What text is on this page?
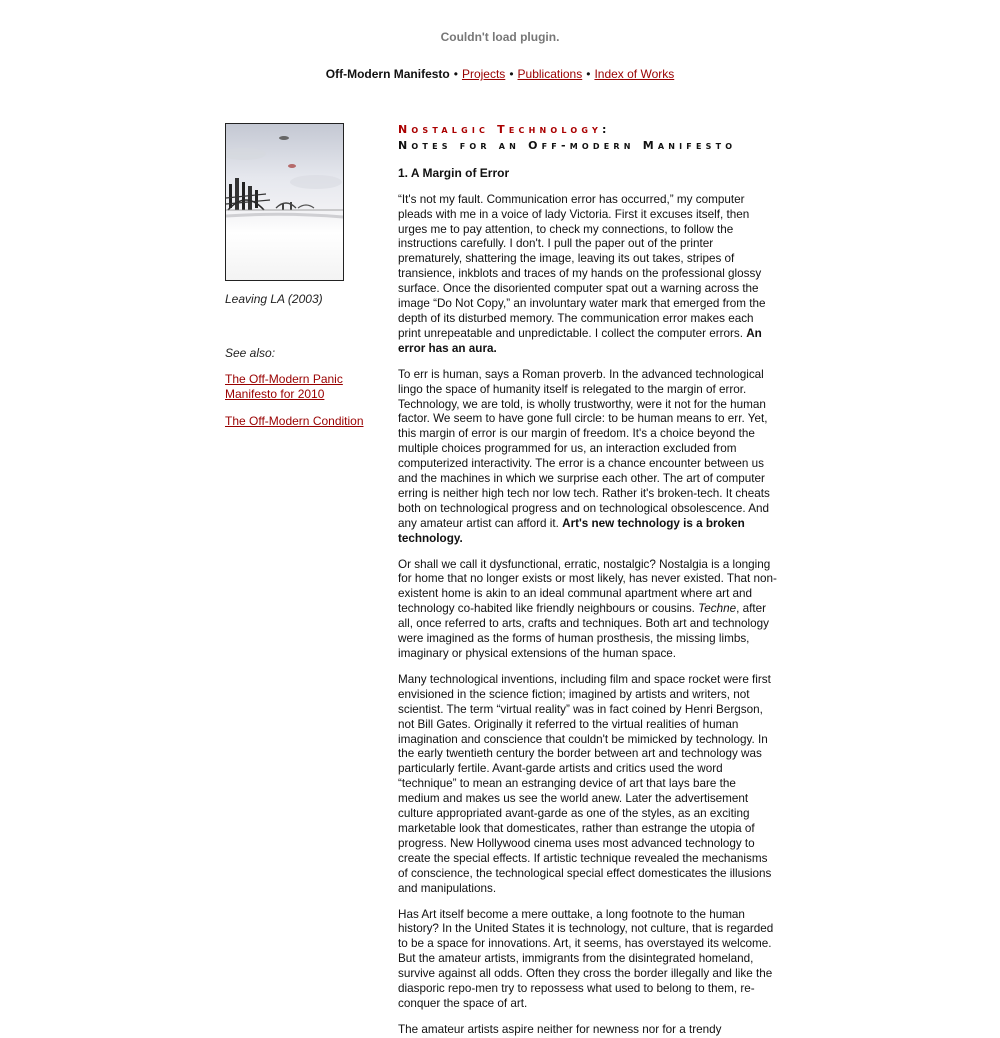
Couldn't load plugin.
Off-Modern Manifesto • Projects • Publications • Index of Works
Leaving LA (2003)
See also:
The Off-Modern Panic Manifesto for 2010
The Off-Modern Condition
Nostalgic Technology:
Notes for an Off-modern Manifesto
1. A Margin of Error

“It's not my fault. Communication error has occurred,” my computer pleads with me in a voice of lady Victoria. First it excuses itself, then urges me to pay attention, to check my connections, to follow the instructions carefully. I don't. I pull the paper out of the printer prematurely, shattering the image, leaving its out takes, stripes of transience, inkblots and traces of my hands on the professional glossy surface. Once the disoriented computer spat out a warning across the image “Do Not Copy,” an involuntary water mark that emerged from the depth of its disturbed memory. The communication error makes each print unrepeatable and unpredictable. I collect the computer errors. An error has an aura.

To err is human, says a Roman proverb. In the advanced technological lingo the space of humanity itself is relegated to the margin of error. Technology, we are told, is wholly trustworthy, were it not for the human factor. We seem to have gone full circle: to be human means to err. Yet, this margin of error is our margin of freedom. It's a choice beyond the multiple choices programmed for us, an interaction excluded from computerized interactivity. The error is a chance encounter between us and the machines in which we surprise each other. The art of computer erring is neither high tech nor low tech. Rather it's broken-tech. It cheats both on technological progress and on technological obsolescence. And any amateur artist can afford it. Art's new technology is a broken technology.

Or shall we call it dysfunctional, erratic, nostalgic? Nostalgia is a longing for home that no longer exists or most likely, has never existed. That non-existent home is akin to an ideal communal apartment where art and technology co-habited like friendly neighbours or cousins. Techne, after all, once referred to arts, crafts and techniques. Both art and technology were imagined as the forms of human prosthesis, the missing limbs, imaginary or physical extensions of the human space.

Many technological inventions, including film and space rocket were first envisioned in the science fiction; imagined by artists and writers, not scientist. The term “virtual reality” was in fact coined by Henri Bergson, not Bill Gates. Originally it referred to the virtual realities of human imagination and conscience that couldn't be mimicked by technology. In the early twentieth century the border between art and technology was particularly fertile. Avant-garde artists and critics used the word “technique” to mean an estranging device of art that lays bare the medium and makes us see the world anew. Later the advertisement culture appropriated avant-garde as one of the styles, as an exciting marketable look that domesticates, rather than estrange the utopia of progress. New Hollywood cinema uses most advanced technology to create the special effects. If artistic technique revealed the mechanisms of conscience, the technological special effect domesticates the illusions and manipulations.

Has Art itself become a mere outtake, a long footnote to the human history? In the United States it is technology, not culture, that is regarded to be a space for innovations. Art, it seems, has overstayed its welcome. But the amateur artists, immigrants from the disintegrated homeland, survive against all odds. Often they cross the border illegally and like the diasporic repo-men try to repossess what used to belong to them, re-conquer the space of art.

The amateur artists aspire neither for newness nor for a trendy
